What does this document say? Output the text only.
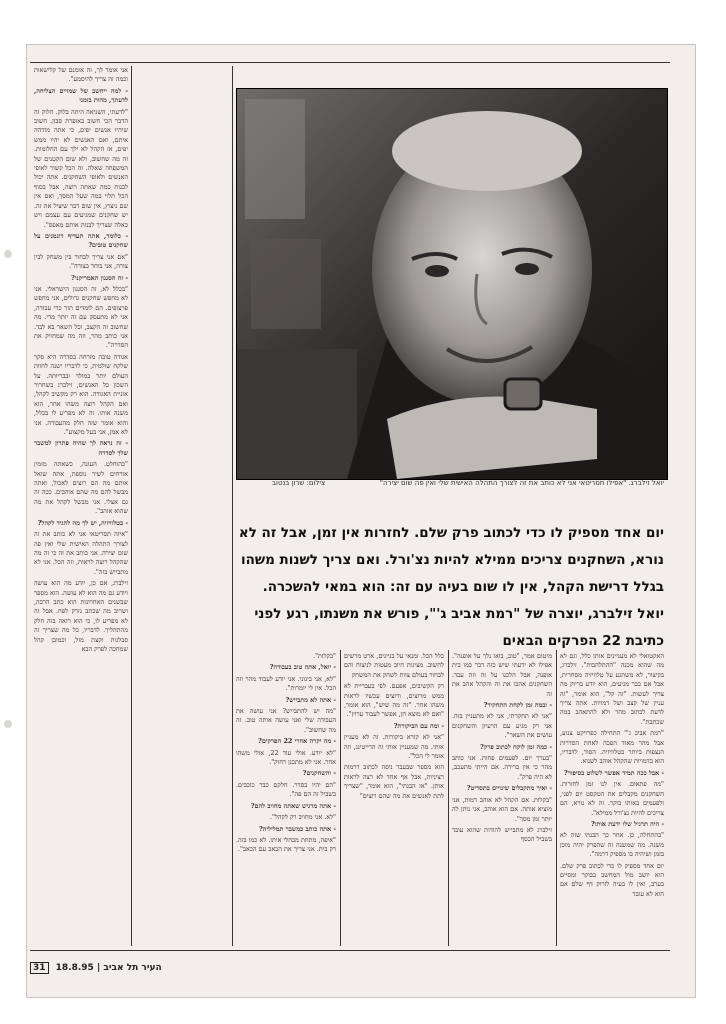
יואל זילברג. "אפילו תסריטאי אני לא כותב את זה לצורך התהלה האישית שלי ואין פה שום יצירה"
צילום: שרון בנטוב
יום אחד מספיק לו כדי לכתוב פרק שלם. לחזרות אין זמן, אבל זה לא נורא, השחקנים צריכים ממילא להיות נצ'ורל. ואם צריך לשנות משהו בגלל דרישת הקהל, אין לו שום בעיה עם זה: הוא במאי להשכרה. יואל זילברג, יוצרה של "רמת אביב ג'", פורש את משנתו, רגע לפני כתיבת 22 הפרקים הבאים

אני אומר לך, זה אומנם של קלישאות וכמה זה צריך להיסמע".

- למה ייחשב של שמויים הצליחה, לדעתך, מהות בזמני

"לדעתי, השניאה היתה בלוק. הלוק זה הדבר הכי חשוב באופרת סבון. חשוב שיהיו אנשים יפים, כי אתה מזדהה איתם, ואם האנשים לא יהיו ממש יפים, אז הקהל לא ילך עם החלומות. זה מה שחשוב, ולא שום הקטנים של המשפחה שאלה. זה הכל קשור לאופי האנשים ולאופי השחקנים. אתה יכול לבנות כמה שאתה רוצה, אבל בסוף הכל תלוי במה שעל המסך, ואם אין שם ניצוץ, אין שום דבר שיציל את זה. יש שחקנים שמגיעים עם עצמם ויש כאלה שצריך לבנות אותם מאפס".

- כלומר, אתה תעדיף דוגמנים על שחקנים טובים?

"אם אני צריך לבחור בין משחק לבין צורה, אני בוחר בצורה".

- זה הסגנון האמריקני?

"בכלל לא, זה הסגנון הישראלי. אני לא מחפש שחקנים גדולים, אני מחפש פרצופים. הם לומדים תוך כדי עבודה, אני לא מתעסק עם זה יותר מדי. מה שחשוב זה הקצב, וכל השאר בא לבד. אני כותב מהר, וזה מה שמחזיק את הסדרה".

אגודה טובה מזרחה בסדרה היא סקר שלקח שולמית, כי לדבריו ישנה לחוות העולם יותר במולד ובבריותה. על השכון כל האנשים, זילברג בשחרור אוניית האגודה. הוא רק מקשיב לקהל, ואם הקהל רוצה משהו אחר, הוא משנה אותו. זה לא מפריע לו בכלל, והוא אומר שזה חלק מהעבודה. אני לא אמן, אני בעל מקצוע".

- זה נראה לך שהיה פתרון למשבר שלך לסדרה

"כהוחלט. העונה, כשאתה מזמין אורחים לשיר נוספת, אתה שואל אותם מה הם רוצים לאכול, ואתה מבשל להם מה שהם אוהבים. ככה זה גם אצלי. אני מבשל לקהל את מה שהוא אוהב".

- בטלוויזיה, יש לך מה להגיד לקהל?

"איזה תסריטאי אני לא כותב את זה לצורך התהלה האישית שלי ואין פה שום יצירה. אני כותב את זה כי זה מה שהקהל רוצה לראות, וזה הכל. אני לא מתבייש בזה".

זילברג, אם כן, יודע מה הוא עושה ויודע גם מה הוא לא עושה. הוא מספר שבשנים האחרונות הוא כתב הרבה, ושרוב מה שכתב נזרק לפח. אבל זה לא מפריע לו, כי הוא רואה בזה חלק מהתהליך. לדבריו, כל מה שצריך זה סבלנות וקצת מזל, וכמובן קהל שמחכה לפרק הבא

האקטואלי לא מעניינים אותו כלל, וגם לא מה שהוא מכנה "ההתלהבות". זילברג, בקיצור, לא משתגע על טלוויזיה מסחרית, אבל אם כבר מגיעים, הוא יודע בדיוק מה צריך לעשות. "זה קל", הוא אומר, "זה עניין של קצב ושל דמויות. אתה צריך לדעת לכתוב מהר ולא להתאהב במה שכתבת".

"רמת אביב ג'" התחילה כפרויקט צנוע, אבל מהר מאוד הפכה לאחת הסדרות הנצפות ביותר בטלוויזיה. הסוד, לדבריו, הוא בדמויות שהקהל אוהב לשנוא.

- אבל ככה תמיד אפשר לשלוט בסיפור?

"מה פתאום. אין לנו זמן לחזרות. השחקנים מקבלים את הטקסט יום לפני, ולפעמים באותו בוקר. זה לא נורא, הם צריכים להיות נצ'ורל ממילא".

- היה תרגיל שלו ידעת אותו?

"בהתחלה, כן. אחר כך הבנתי שזה לא משנה. מה שמשנה זה שהפרק יהיה מוכן בזמן ושיהיה בו מספיק דרמה".

יום אחד מספיק לו כדי לכתוב פרק שלם. הוא יושב מול המחשב בבוקר ומסיים בערב, ואין לו בעיה לזרוק דף שלם אם הוא לא עובד

מיטום אמר, "טוב, בואו נלך על אופנה". אפילו לא ידעתי שיש כזה דבר כמו בית אופנה, אבל הלכנו על זה וזה עבד. השחקנים אהבו את זה והקהל אהב את זה

- ובמה זמן לקחת התחקיר?

"אני לא תחקרתי, אני לא מתעניין בזה. אני רק מגיע עם הרעיון והשחקנים עושים את השאר".

- כמה זמן לוקח לכתוב פרק?

"בערך יום. לפעמים פחות. אני כותב מהר כי אין ברירה. אם הייתי מתעכב, לא היה פרק".

- ואיך מתקבלים שינויים בתסריט?

"בקלות. אם הקהל לא אוהב דמות, אני מוציא אותה. אם הוא אוהב, אני נותן לה יותר זמן מסך".

זילברג לא מתבייש להודות שהוא עובד בשביל הכסף

כלל הכל. זמנאי על בניינים, ארט מרשים לחשוב. מציגות חיוב מעטות לניצוח והם לבחור בעולם צוות לשחק את המשחק

רק הקשיבים, אפעם. לפי בעבריית לא ממש מרוצים, ורוצים עכשיו לראות משהו אחר. "זה מה שיש", הוא אומר, "ואם לא מוצא חן, אפשר לעבור ערוץ".

- ומה עם הביקורת?

"אני לא קורא ביקורות. זה לא מעניין אותי. מה שמעניין אותי זה הרייטינג, וזה אומר לי הכל".

הוא מספר שבעבר ניסה לכתוב דרמות רציניות, אבל אף אחד לא רצה לראות אותן. "אז הבנתי", הוא אומר, "שצריך לתת לאנשים את מה שהם רוצים"

"בקלות".

- יואל, אתה טוב בעבודה?

"לא, אני בינוני. אני יודע לעבוד מהר וזה הכל. אין לי יומרות".

- אתה לא מתבייש?

"מה יש להתבייש? אני עושה את העבודה שלי ואני עושה אותה טוב. זה מה שחשוב".

- מה יקרה אחרי 22 הפרקים?

"לא יודע. אולי עוד 22, אולי משהו אחר. אני לא מתכנן רחוק".

- והשחקנים?

"הם יהיו בסדר. חלקם כבר כוכבים. בשביל זה הם פה".

- אתה מרגיש שאתה מחויב להם?

"לא. אני מחויב רק לקהל".

- אתה כותב כמשבר תמליליה?

"איפה, מתחת מבחלי איתו. לא כמו בזה. רק בית. אני צריך את הכאב עם הכאב".

31 18.8.95 | העיר תל אביב
